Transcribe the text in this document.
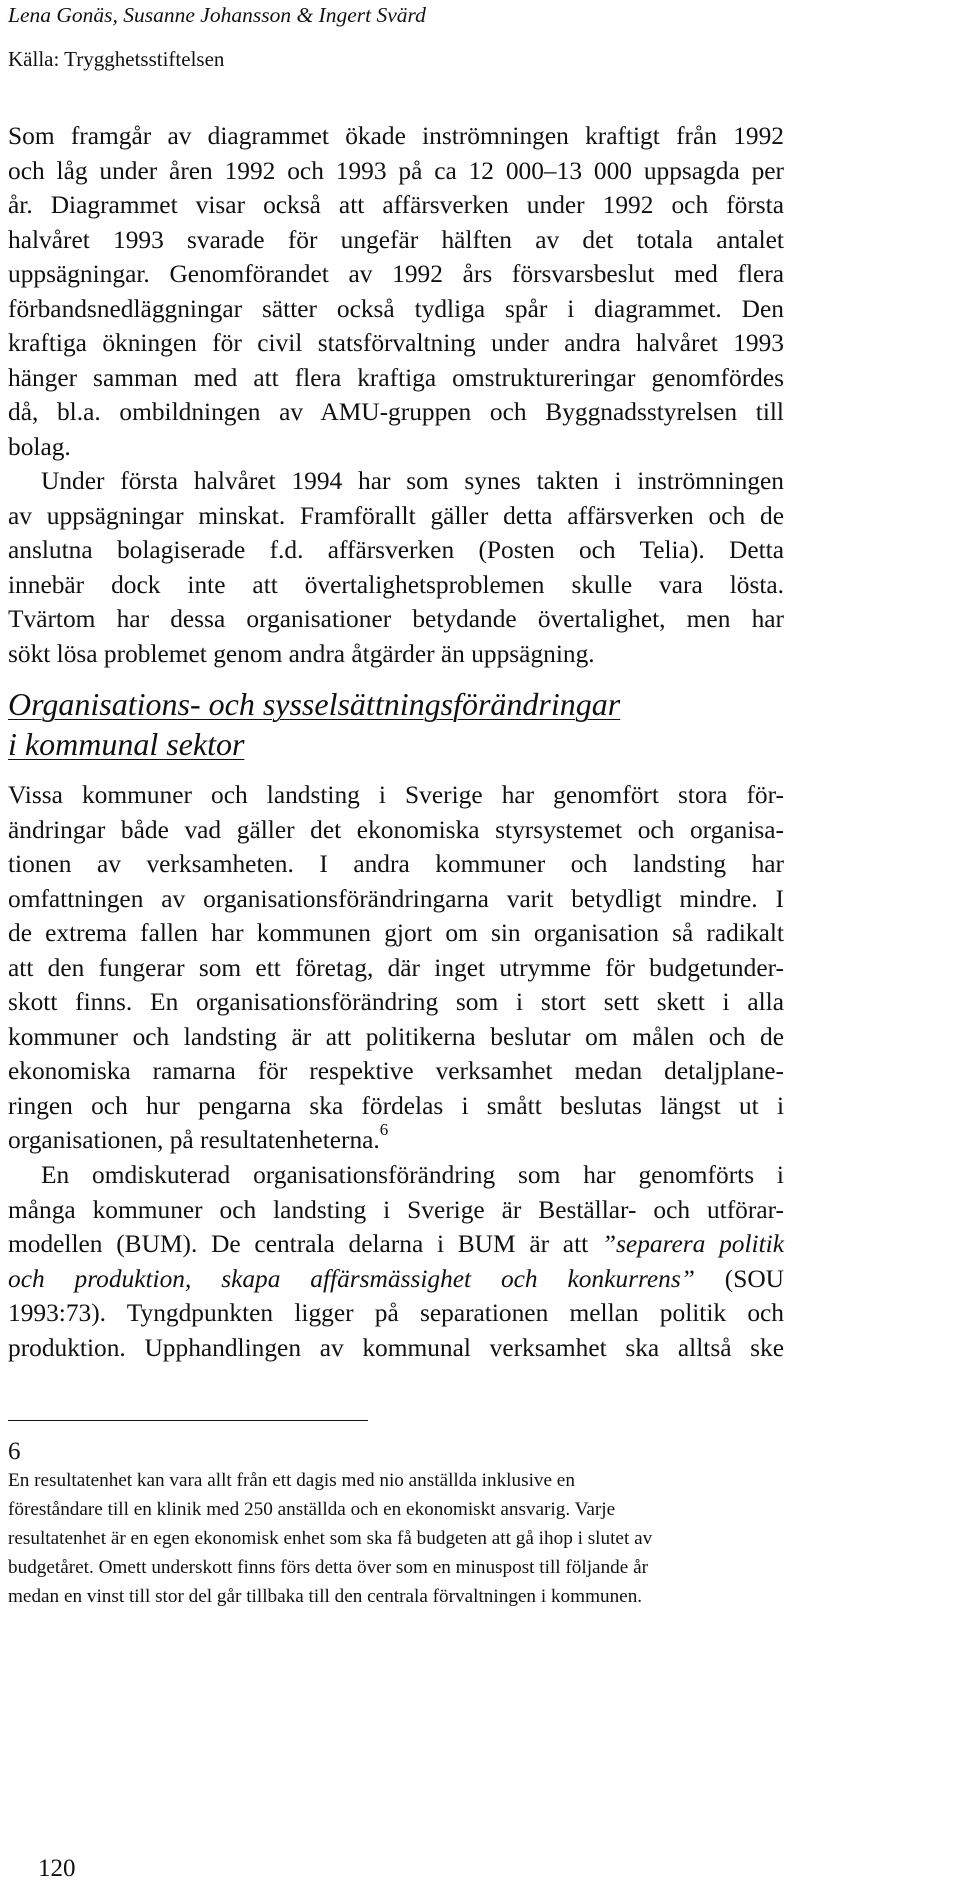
Lena Gonäs, Susanne Johansson & Ingert Svärd
Källa: Trygghetsstiftelsen
Som framgår av diagrammet ökade inströmningen kraftigt från 1992
och låg under åren 1992 och 1993 på ca 12 000–13 000 uppsagda per
år. Diagrammet visar också att affärsverken under 1992 och första
halvåret 1993 svarade för ungefär hälften av det totala antalet
uppsägningar. Genomförandet av 1992 års försvarsbeslut med flera
förbandsnedläggningar sätter också tydliga spår i diagrammet. Den
kraftiga ökningen för civil statsförvaltning under andra halvåret 1993
hänger samman med att flera kraftiga omstruktureringar genomfördes
då, bl.a. ombildningen av AMU-gruppen och Byggnadsstyrelsen till
bolag.
Under första halvåret 1994 har som synes takten i inströmningen
av uppsägningar minskat. Framförallt gäller detta affärsverken och de
anslutna bolagiserade f.d. affärsverken (Posten och Telia). Detta
innebär dock inte att övertalighetsproblemen skulle vara lösta.
Tvärtom har dessa organisationer betydande övertalighet, men har
sökt lösa problemet genom andra åtgärder än uppsägning.
Organisations- och sysselsättningsförändringar
i kommunal sektor
Vissa kommuner och landsting i Sverige har genomfört stora för-
ändringar både vad gäller det ekonomiska styrsystemet och organisa-
tionen av verksamheten. I andra kommuner och landsting har
omfattningen av organisationsförändringarna varit betydligt mindre. I
de extrema fallen har kommunen gjort om sin organisation så radikalt
att den fungerar som ett företag, där inget utrymme för budgetunder-
skott finns. En organisationsförändring som i stort sett skett i alla
kommuner och landsting är att politikerna beslutar om målen och de
ekonomiska ramarna för respektive verksamhet medan detaljplane-
ringen och hur pengarna ska fördelas i smått beslutas längst ut i
organisationen, på resultatenheterna.$^6$
En omdiskuterad organisationsförändring som har genomförts i
många kommuner och landsting i Sverige är Beställar- och utförar-
modellen (BUM). De centrala delarna i BUM är att ”separera politik
och produktion, skapa affärsmässighet och konkurrens” (SOU
1993:73). Tyngdpunkten ligger på separationen mellan politik och
produktion. Upphandlingen av kommunal verksamhet ska alltså ske
6
En resultatenhet kan vara allt från ett dagis med nio anställda inklusive en
föreståndare till en klinik med 250 anställda och en ekonomiskt ansvarig. Varje
resultatenhet är en egen ekonomisk enhet som ska få budgeten att gå ihop i slutet av
budgetåret. Omett underskott finns förs detta över som en minuspost till följande år
medan en vinst till stor del går tillbaka till den centrala förvaltningen i kommunen.
120
